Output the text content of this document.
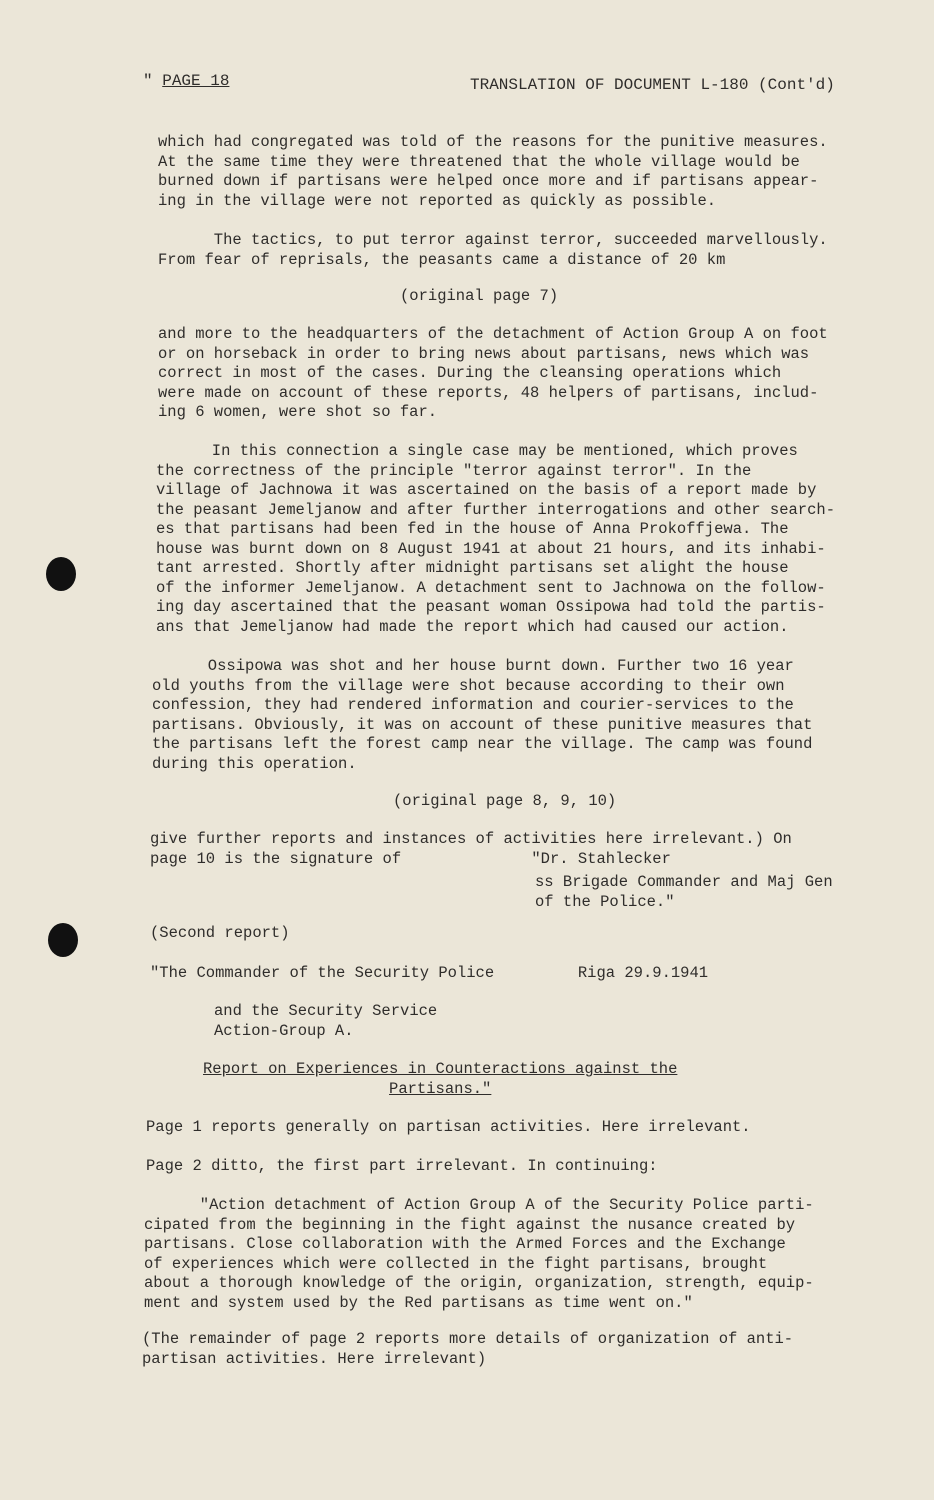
" PAGE 18	TRANSLATION OF DOCUMENT L-180 (Cont'd)
which had congregated was told of the reasons for the punitive measures.
At the same time they were threatened that the whole village would be
burned down if partisans were helped once more and if partisans appear-
ing in the village were not reported as quickly as possible.
The tactics, to put terror against terror, succeeded marvellously.
From fear of reprisals, the peasants came a distance of 20 km
(original page 7)
and more to the headquarters of the detachment of Action Group A on foot
or on horseback in order to bring news about partisans, news which was
correct in most of the cases. During the cleansing operations which
were made on account of these reports, 48 helpers of partisans, includ-
ing 6 women, were shot so far.
In this connection a single case may be mentioned, which proves
the correctness of the principle "terror against terror". In the
village of Jachnowa it was ascertained on the basis of a report made by
the peasant Jemeljanow and after further interrogations and other search-
es that partisans had been fed in the house of Anna Prokoffjewa. The
house was burnt down on 8 August 1941 at about 21 hours, and its inhabi-
tant arrested. Shortly after midnight partisans set alight the house
of the informer Jemeljanow. A detachment sent to Jachnowa on the follow-
ing day ascertained that the peasant woman Ossipowa had told the partis-
ans that Jemeljanow had made the report which had caused our action.
Ossipowa was shot and her house burnt down. Further two 16 year
old youths from the village were shot because according to their own
confession, they had rendered information and courier-services to the
partisans. Obviously, it was on account of these punitive measures that
the partisans left the forest camp near the village. The camp was found
during this operation.
(original page 8, 9, 10)
give further reports and instances of activities here irrelevant.) On
page 10 is the signature of              "Dr. Stahlecker
ss Brigade Commander and Maj Gen
of the Police."
(Second report)
"The Commander of the Security Police         Riga 29.9.1941
and the Security Service
Action-Group A.
Report on Experiences in Counteractions against the
Partisans."
Page 1 reports generally on partisan activities. Here irrelevant.
Page 2 ditto, the first part irrelevant. In continuing:
"Action detachment of Action Group A of the Security Police parti-
cipated from the beginning in the fight against the nusance created by
partisans. Close collaboration with the Armed Forces and the Exchange
of experiences which were collected in the fight partisans, brought
about a thorough knowledge of the origin, organization, strength, equip-
ment and system used by the Red partisans as time went on."
(The remainder of page 2 reports more details of organization of anti-
partisan activities. Here irrelevant)
